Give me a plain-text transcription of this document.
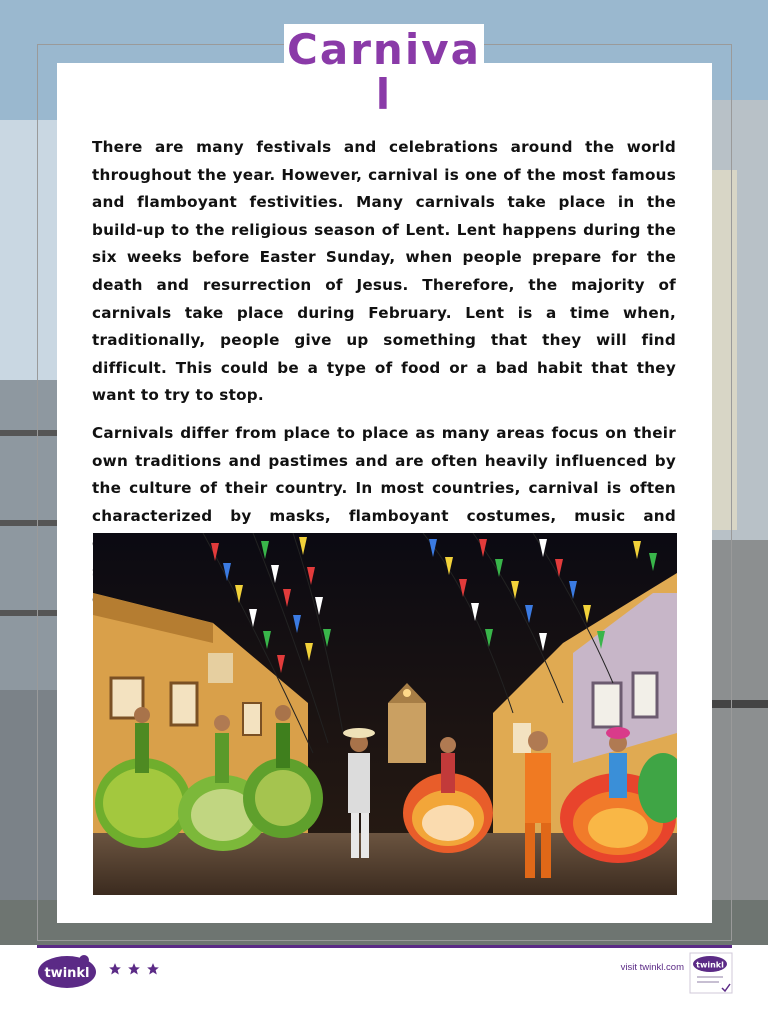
Carnival

There are many festivals and celebrations around the world throughout the year. However, carnival is one of the most famous and flamboyant festivities. Many carnivals take place in the build-up to the religious season of Lent. Lent happens during the six weeks before Easter Sunday, when people prepare for the death and resurrection of Jesus. Therefore, the majority of carnivals take place during February. Lent is a time when, traditionally, people give up something that they will find difficult. This could be a type of food or a bad habit that they want to try to stop.

Carnivals differ from place to place as many areas focus on their own traditions and pastimes and are often heavily influenced by the culture of their country. In most countries, carnival is often characterized by masks, flamboyant costumes, music and

twinkl	visit twinkl.com twinkl
